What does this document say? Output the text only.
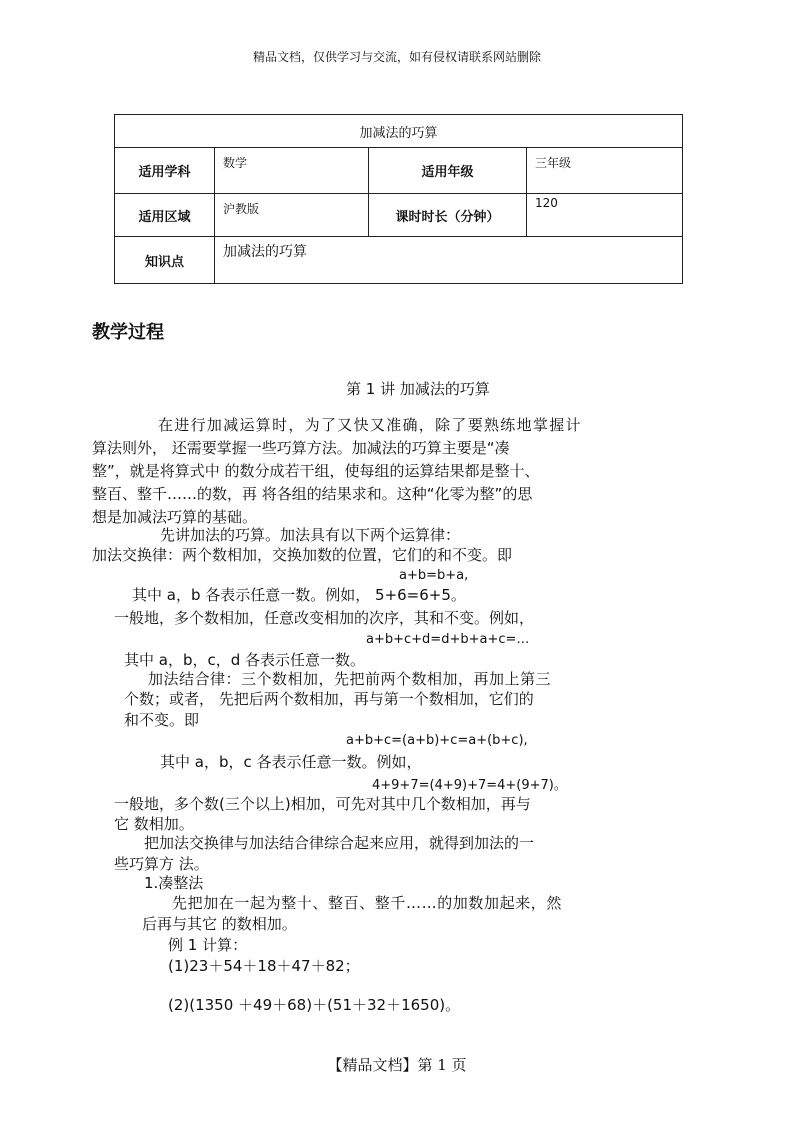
精品文档，仅供学习与交流，如有侵权请联系网站删除
加减法的巧算			
适用学科	数学	适用年级	三年级
适用区域	沪教版	课时时长（分钟）	120
知识点	加减法的巧算		
教学过程
第 1 讲 加减法的巧算
在进行加减运算时，为了又快又准确，除了要熟练地掌握计
算法则外， 还需要掌握一些巧算方法。加减法的巧算主要是“凑
整”，就是将算式中 的数分成若干组，使每组的运算结果都是整十、
整百、整千……的数，再 将各组的结果求和。这种“化零为整”的思
想是加减法巧算的基础。
先讲加法的巧算。加法具有以下两个运算律：
加法交换律：两个数相加，交换加数的位置，它们的和不变。即
a+b=b+a,
其中 a，b 各表示任意一数。例如， 5+6=6+5。
一般地，多个数相加，任意改变相加的次序，其和不变。例如，
a+b+c+d=d+b+a+c=…
其中 a，b，c，d 各表示任意一数。
加法结合律：三个数相加，先把前两个数相加，再加上第三
个数；或者， 先把后两个数相加，再与第一个数相加，它们的
和不变。即
a+b+c=(a+b)+c=a+(b+c),
其中 a，b，c 各表示任意一数。例如，
4+9+7=(4+9)+7=4+(9+7)。
一般地，多个数(三个以上)相加，可先对其中几个数相加，再与
它 数相加。
把加法交换律与加法结合律综合起来应用，就得到加法的一
些巧算方 法。
1.凑整法
先把加在一起为整十、整百、整千……的加数加起来，然
后再与其它 的数相加。
例 1 计算：
(1)23＋54＋18＋47＋82；
(2)(1350 ＋49＋68)＋(51＋32＋1650)。
【精品文档】第 1 页
